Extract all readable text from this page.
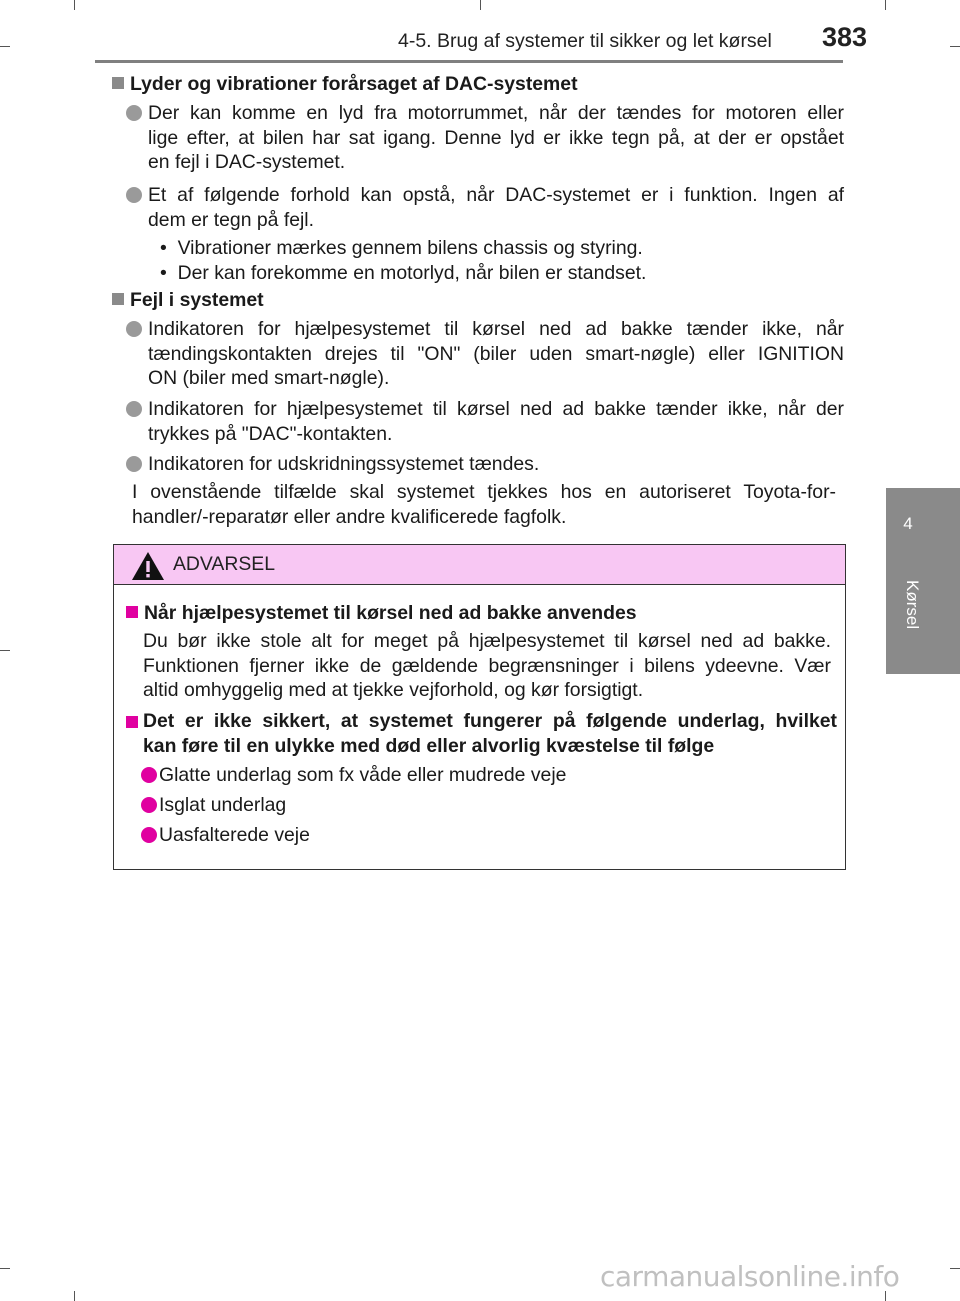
4-5. Brug af systemer til sikker og let kørsel 383
4
Kørsel
Lyder og vibrationer forårsaget af DAC-systemet
Der kan komme en lyd fra motorrummet, når der tændes for motoren eller
lige efter, at bilen har sat igang. Denne lyd er ikke tegn på, at der er opstået
en fejl i DAC-systemet.
Et af følgende forhold kan opstå, når DAC-systemet er i funktion. Ingen af
dem er tegn på fejl.
•  Vibrationer mærkes gennem bilens chassis og styring.
•  Der kan forekomme en motorlyd, når bilen er standset.
Fejl i systemet
Indikatoren for hjælpesystemet til kørsel ned ad bakke tænder ikke, når
tændingskontakten drejes til "ON" (biler uden smart-nøgle) eller IGNITION
ON (biler med smart-nøgle).
Indikatoren for hjælpesystemet til kørsel ned ad bakke tænder ikke, når der
trykkes på "DAC"-kontakten.
Indikatoren for udskridningssystemet tændes.
I ovenstående tilfælde skal systemet tjekkes hos en autoriseret Toyota-for-
handler/-reparatør eller andre kvalificerede fagfolk.
ADVARSEL
Når hjælpesystemet til kørsel ned ad bakke anvendes
Du bør ikke stole alt for meget på hjælpesystemet til kørsel ned ad bakke.
Funktionen fjerner ikke de gældende begrænsninger i bilens ydeevne. Vær
altid omhyggelig med at tjekke vejforhold, og kør forsigtigt.
Det er ikke sikkert, at systemet fungerer på følgende underlag, hvilket
kan føre til en ulykke med død eller alvorlig kvæstelse til følge
Glatte underlag som fx våde eller mudrede veje
Isglat underlag
Uasfalterede veje
carmanualsonline.info
